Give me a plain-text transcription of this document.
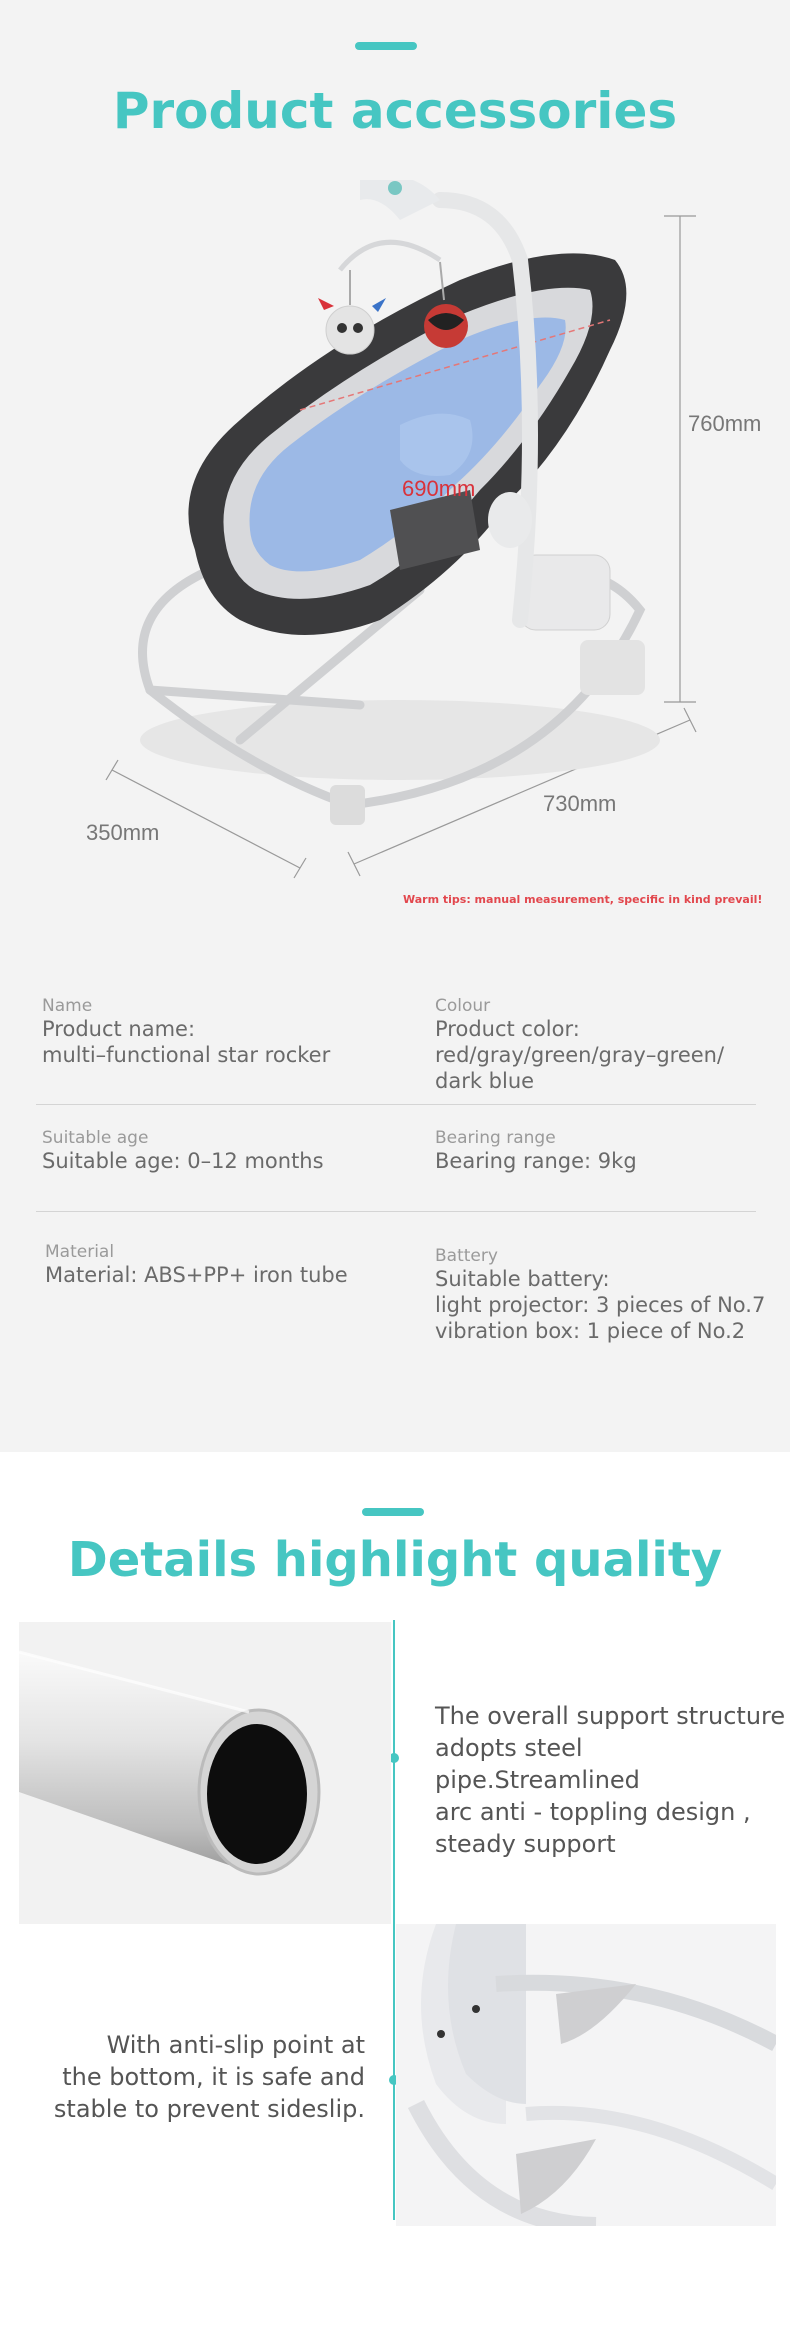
Product accessories
760mm
690mm
730mm
350mm
Warm tips: manual measurement, specific in kind prevail!
Name
Product name:
multi–functional star rocker
Colour
Product color:
red/gray/green/gray–green/
dark blue
Suitable age
Suitable age: 0–12 months
Bearing range
Bearing range: 9kg
Material
Material: ABS+PP+ iron tube
Battery
Suitable battery:
light projector: 3 pieces of No.7
vibration box: 1 piece of No.2
Details highlight quality
The overall support structure
adopts steel pipe.Streamlined
arc anti - toppling design ,
steady support
With anti-slip point at
the bottom, it is safe and
stable to prevent sideslip.
